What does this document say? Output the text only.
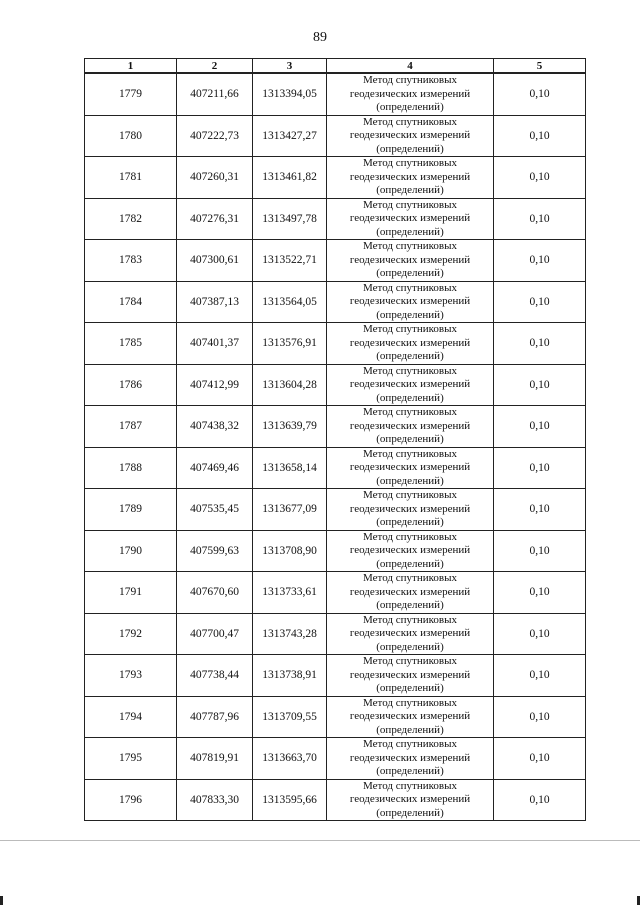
89
1	2	3	4	5
1779	407211,66	1313394,05	Метод спутниковых
геодезических измерений
(определений)	0,10
1780	407222,73	1313427,27	Метод спутниковых
геодезических измерений
(определений)	0,10
1781	407260,31	1313461,82	Метод спутниковых
геодезических измерений
(определений)	0,10
1782	407276,31	1313497,78	Метод спутниковых
геодезических измерений
(определений)	0,10
1783	407300,61	1313522,71	Метод спутниковых
геодезических измерений
(определений)	0,10
1784	407387,13	1313564,05	Метод спутниковых
геодезических измерений
(определений)	0,10
1785	407401,37	1313576,91	Метод спутниковых
геодезических измерений
(определений)	0,10
1786	407412,99	1313604,28	Метод спутниковых
геодезических измерений
(определений)	0,10
1787	407438,32	1313639,79	Метод спутниковых
геодезических измерений
(определений)	0,10
1788	407469,46	1313658,14	Метод спутниковых
геодезических измерений
(определений)	0,10
1789	407535,45	1313677,09	Метод спутниковых
геодезических измерений
(определений)	0,10
1790	407599,63	1313708,90	Метод спутниковых
геодезических измерений
(определений)	0,10
1791	407670,60	1313733,61	Метод спутниковых
геодезических измерений
(определений)	0,10
1792	407700,47	1313743,28	Метод спутниковых
геодезических измерений
(определений)	0,10
1793	407738,44	1313738,91	Метод спутниковых
геодезических измерений
(определений)	0,10
1794	407787,96	1313709,55	Метод спутниковых
геодезических измерений
(определений)	0,10
1795	407819,91	1313663,70	Метод спутниковых
геодезических измерений
(определений)	0,10
1796	407833,30	1313595,66	Метод спутниковых
геодезических измерений
(определений)	0,10
